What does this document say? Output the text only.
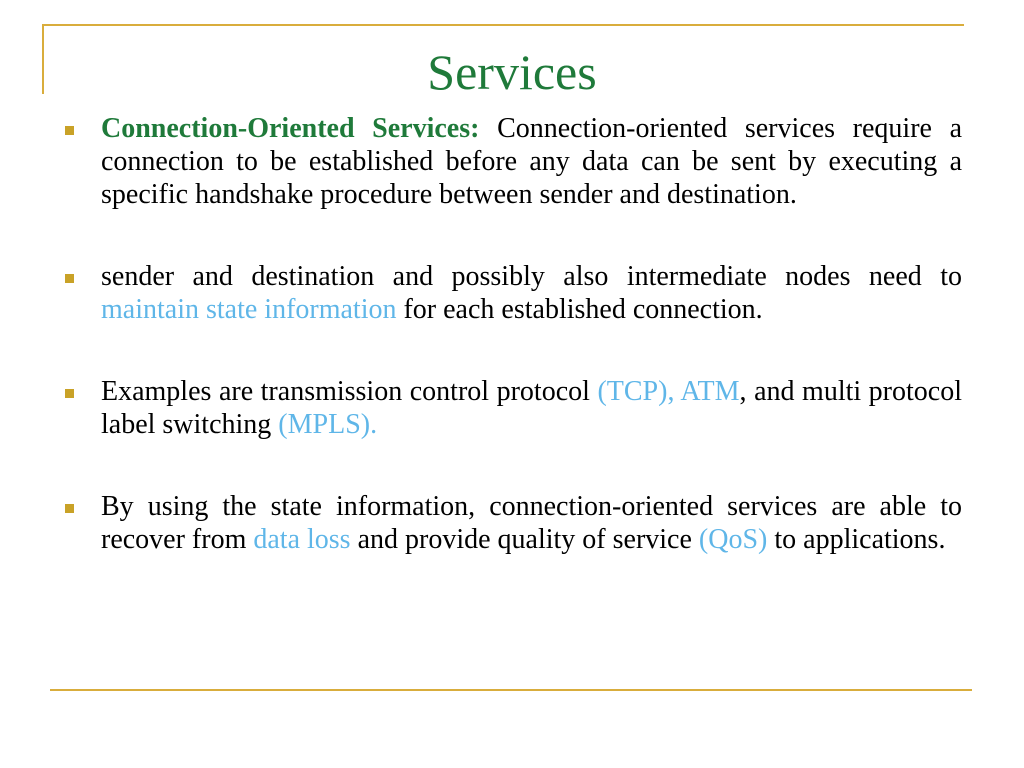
Services
Connection-Oriented Services: Connection-oriented services require a connection to be established before any data can be sent by executing a specific handshake procedure between sender and destination.
sender and destination and possibly also intermediate nodes need to maintain state information for each established connection.
Examples are transmission control protocol (TCP), ATM, and multi protocol label switching (MPLS).
By using the state information, connection-oriented services are able to recover from data loss and provide quality of service (QoS) to applications.
